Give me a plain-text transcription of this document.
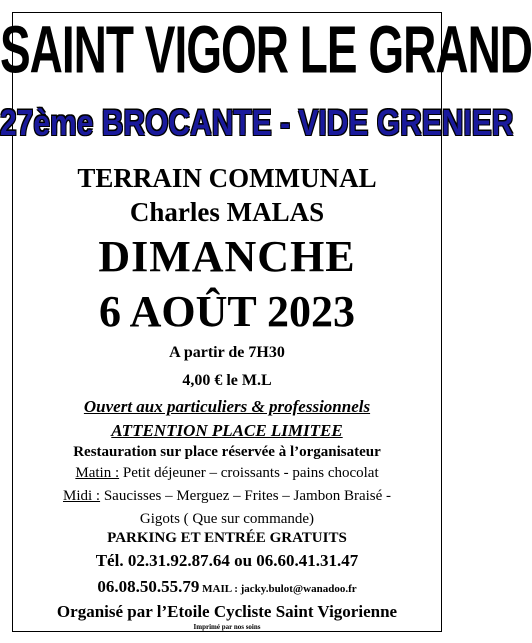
SAINT VIGOR LE GRAND
27ème BROCANTE - VIDE GRENIER
TERRAIN COMMUNAL
Charles MALAS
DIMANCHE
6 AOÛT 2023
A partir de 7H30
4,00 € le M.L
Ouvert aux particuliers & professionnels
ATTENTION PLACE LIMITEE
Restauration sur place réservée à l’organisateur
Matin : Petit déjeuner – croissants - pains chocolat
Midi : Saucisses – Merguez – Frites – Jambon Braisé -
Gigots ( Que sur commande)
PARKING ET ENTRÉE GRATUITS
Tél. 02.31.92.87.64 ou 06.60.41.31.47
06.08.50.55.79 MAIL : jacky.bulot@wanadoo.fr
Organisé par l’Etoile Cycliste Saint Vigorienne
Imprimé par nos soins
